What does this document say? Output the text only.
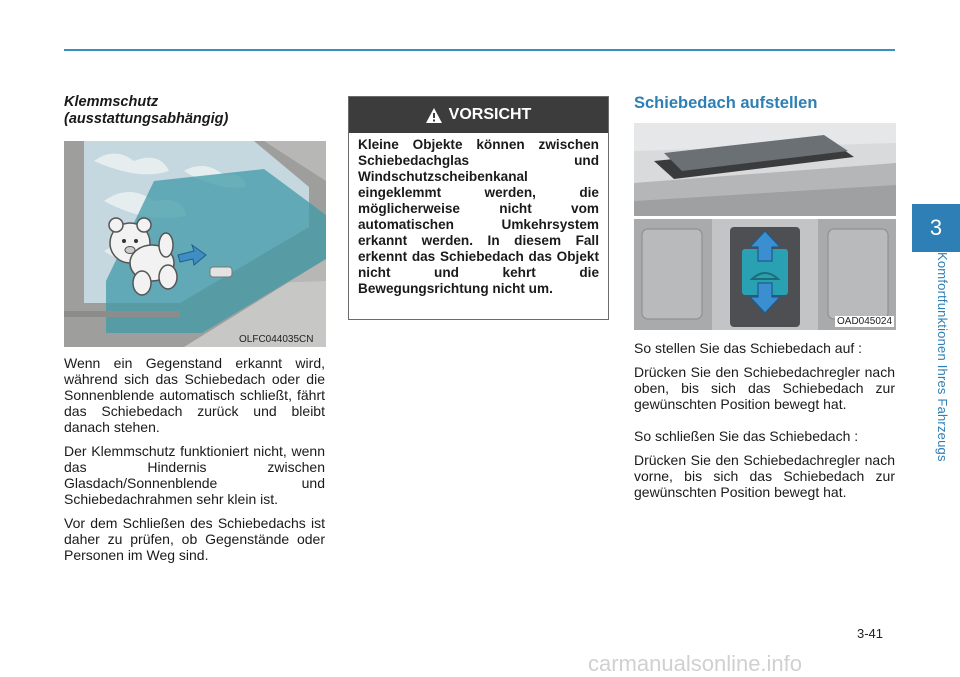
3
Komfortfunktionen Ihres Fahrzeugs
Klemmschutz
(ausstattungsabhängig)
OLFC044035CN

Wenn ein Gegenstand erkannt wird, während sich das Schiebedach oder die Sonnenblende automatisch schließt, fährt das Schiebedach zurück und bleibt danach stehen.

Der Klemmschutz funktioniert nicht, wenn das Hindernis zwischen Glasdach/Sonnenblende und Schiebedachrahmen sehr klein ist.

Vor dem Schließen des Schiebedachs ist daher zu prüfen, ob Gegenstände oder Personen im Weg sind.

VORSICHT
Kleine Objekte können zwischen Schiebedachglas und Windschutzscheibenkanal eingeklemmt werden, die möglicherweise nicht vom automatischen Umkehrsystem erkannt werden. In diesem Fall erkennt das Schiebedach das Objekt nicht und kehrt die Bewegungsrichtung nicht um.
Schiebedach aufstellen
OAD045024

So stellen Sie das Schiebedach auf :

Drücken Sie den Schiebedachregler nach oben, bis sich das Schiebedach zur gewünschten Position bewegt hat.

So schließen Sie das Schiebedach :

Drücken Sie den Schiebedachregler nach vorne, bis sich das Schiebedach zur gewünschten Position bewegt hat.

3-41
carmanualsonline.info
